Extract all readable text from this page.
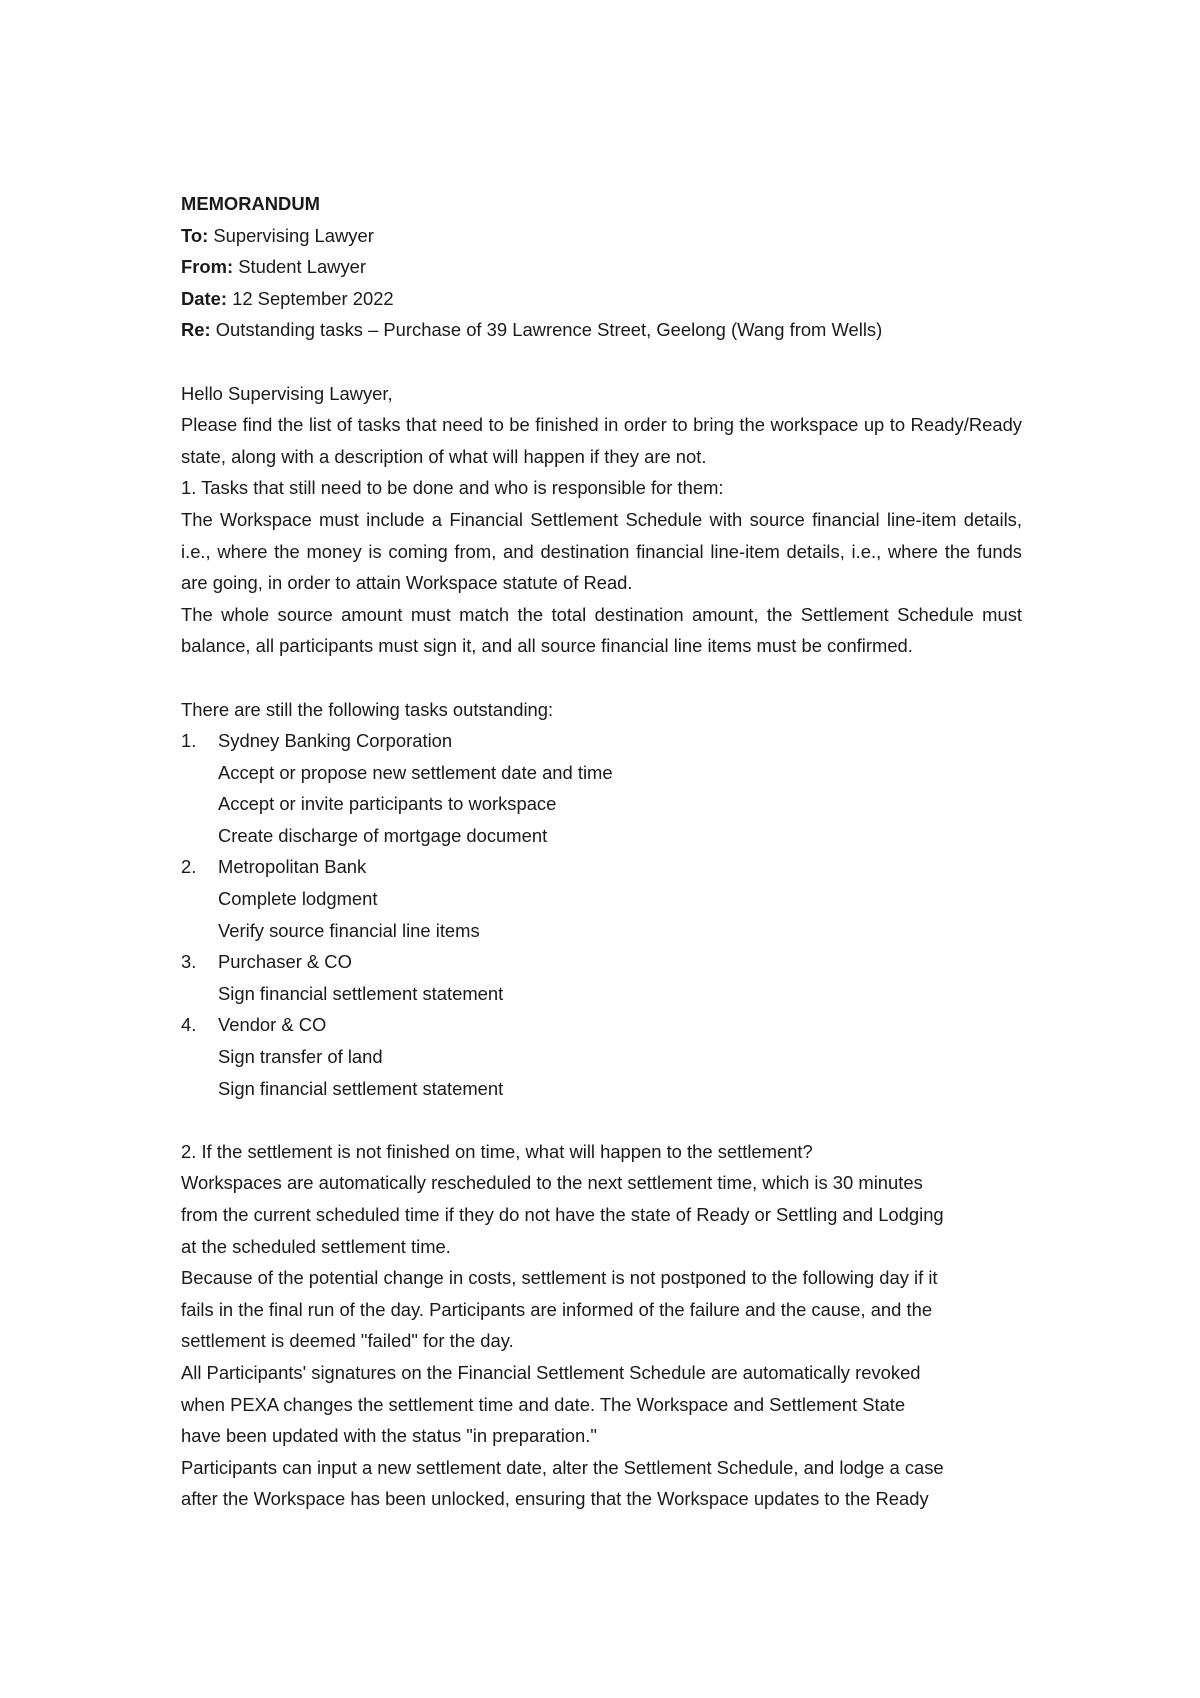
MEMORANDUM
To: Supervising Lawyer
From: Student Lawyer
Date: 12 September 2022
Re: Outstanding tasks – Purchase of 39 Lawrence Street, Geelong (Wang from Wells)
Hello Supervising Lawyer,
Please find the list of tasks that need to be finished in order to bring the workspace up to Ready/Ready state, along with a description of what will happen if they are not.
1. Tasks that still need to be done and who is responsible for them:
The Workspace must include a Financial Settlement Schedule with source financial line-item details, i.e., where the money is coming from, and destination financial line-item details, i.e., where the funds are going, in order to attain Workspace statute of Read.
The whole source amount must match the total destination amount, the Settlement Schedule must balance, all participants must sign it, and all source financial line items must be confirmed.
There are still the following tasks outstanding:
1.	Sydney Banking Corporation
Accept or propose new settlement date and time
Accept or invite participants to workspace
Create discharge of mortgage document
2.	Metropolitan Bank
Complete lodgment
Verify source financial line items
3.	Purchaser & CO
Sign financial settlement statement
4.	Vendor & CO
Sign transfer of land
Sign financial settlement statement
2. If the settlement is not finished on time, what will happen to the settlement?
Workspaces are automatically rescheduled to the next settlement time, which is 30 minutes
from the current scheduled time if they do not have the state of Ready or Settling and Lodging
at the scheduled settlement time.
Because of the potential change in costs, settlement is not postponed to the following day if it
fails in the final run of the day. Participants are informed of the failure and the cause, and the
settlement is deemed "failed" for the day.
All Participants' signatures on the Financial Settlement Schedule are automatically revoked
when PEXA changes the settlement time and date. The Workspace and Settlement State
have been updated with the status "in preparation."
Participants can input a new settlement date, alter the Settlement Schedule, and lodge a case
after the Workspace has been unlocked, ensuring that the Workspace updates to the Ready
